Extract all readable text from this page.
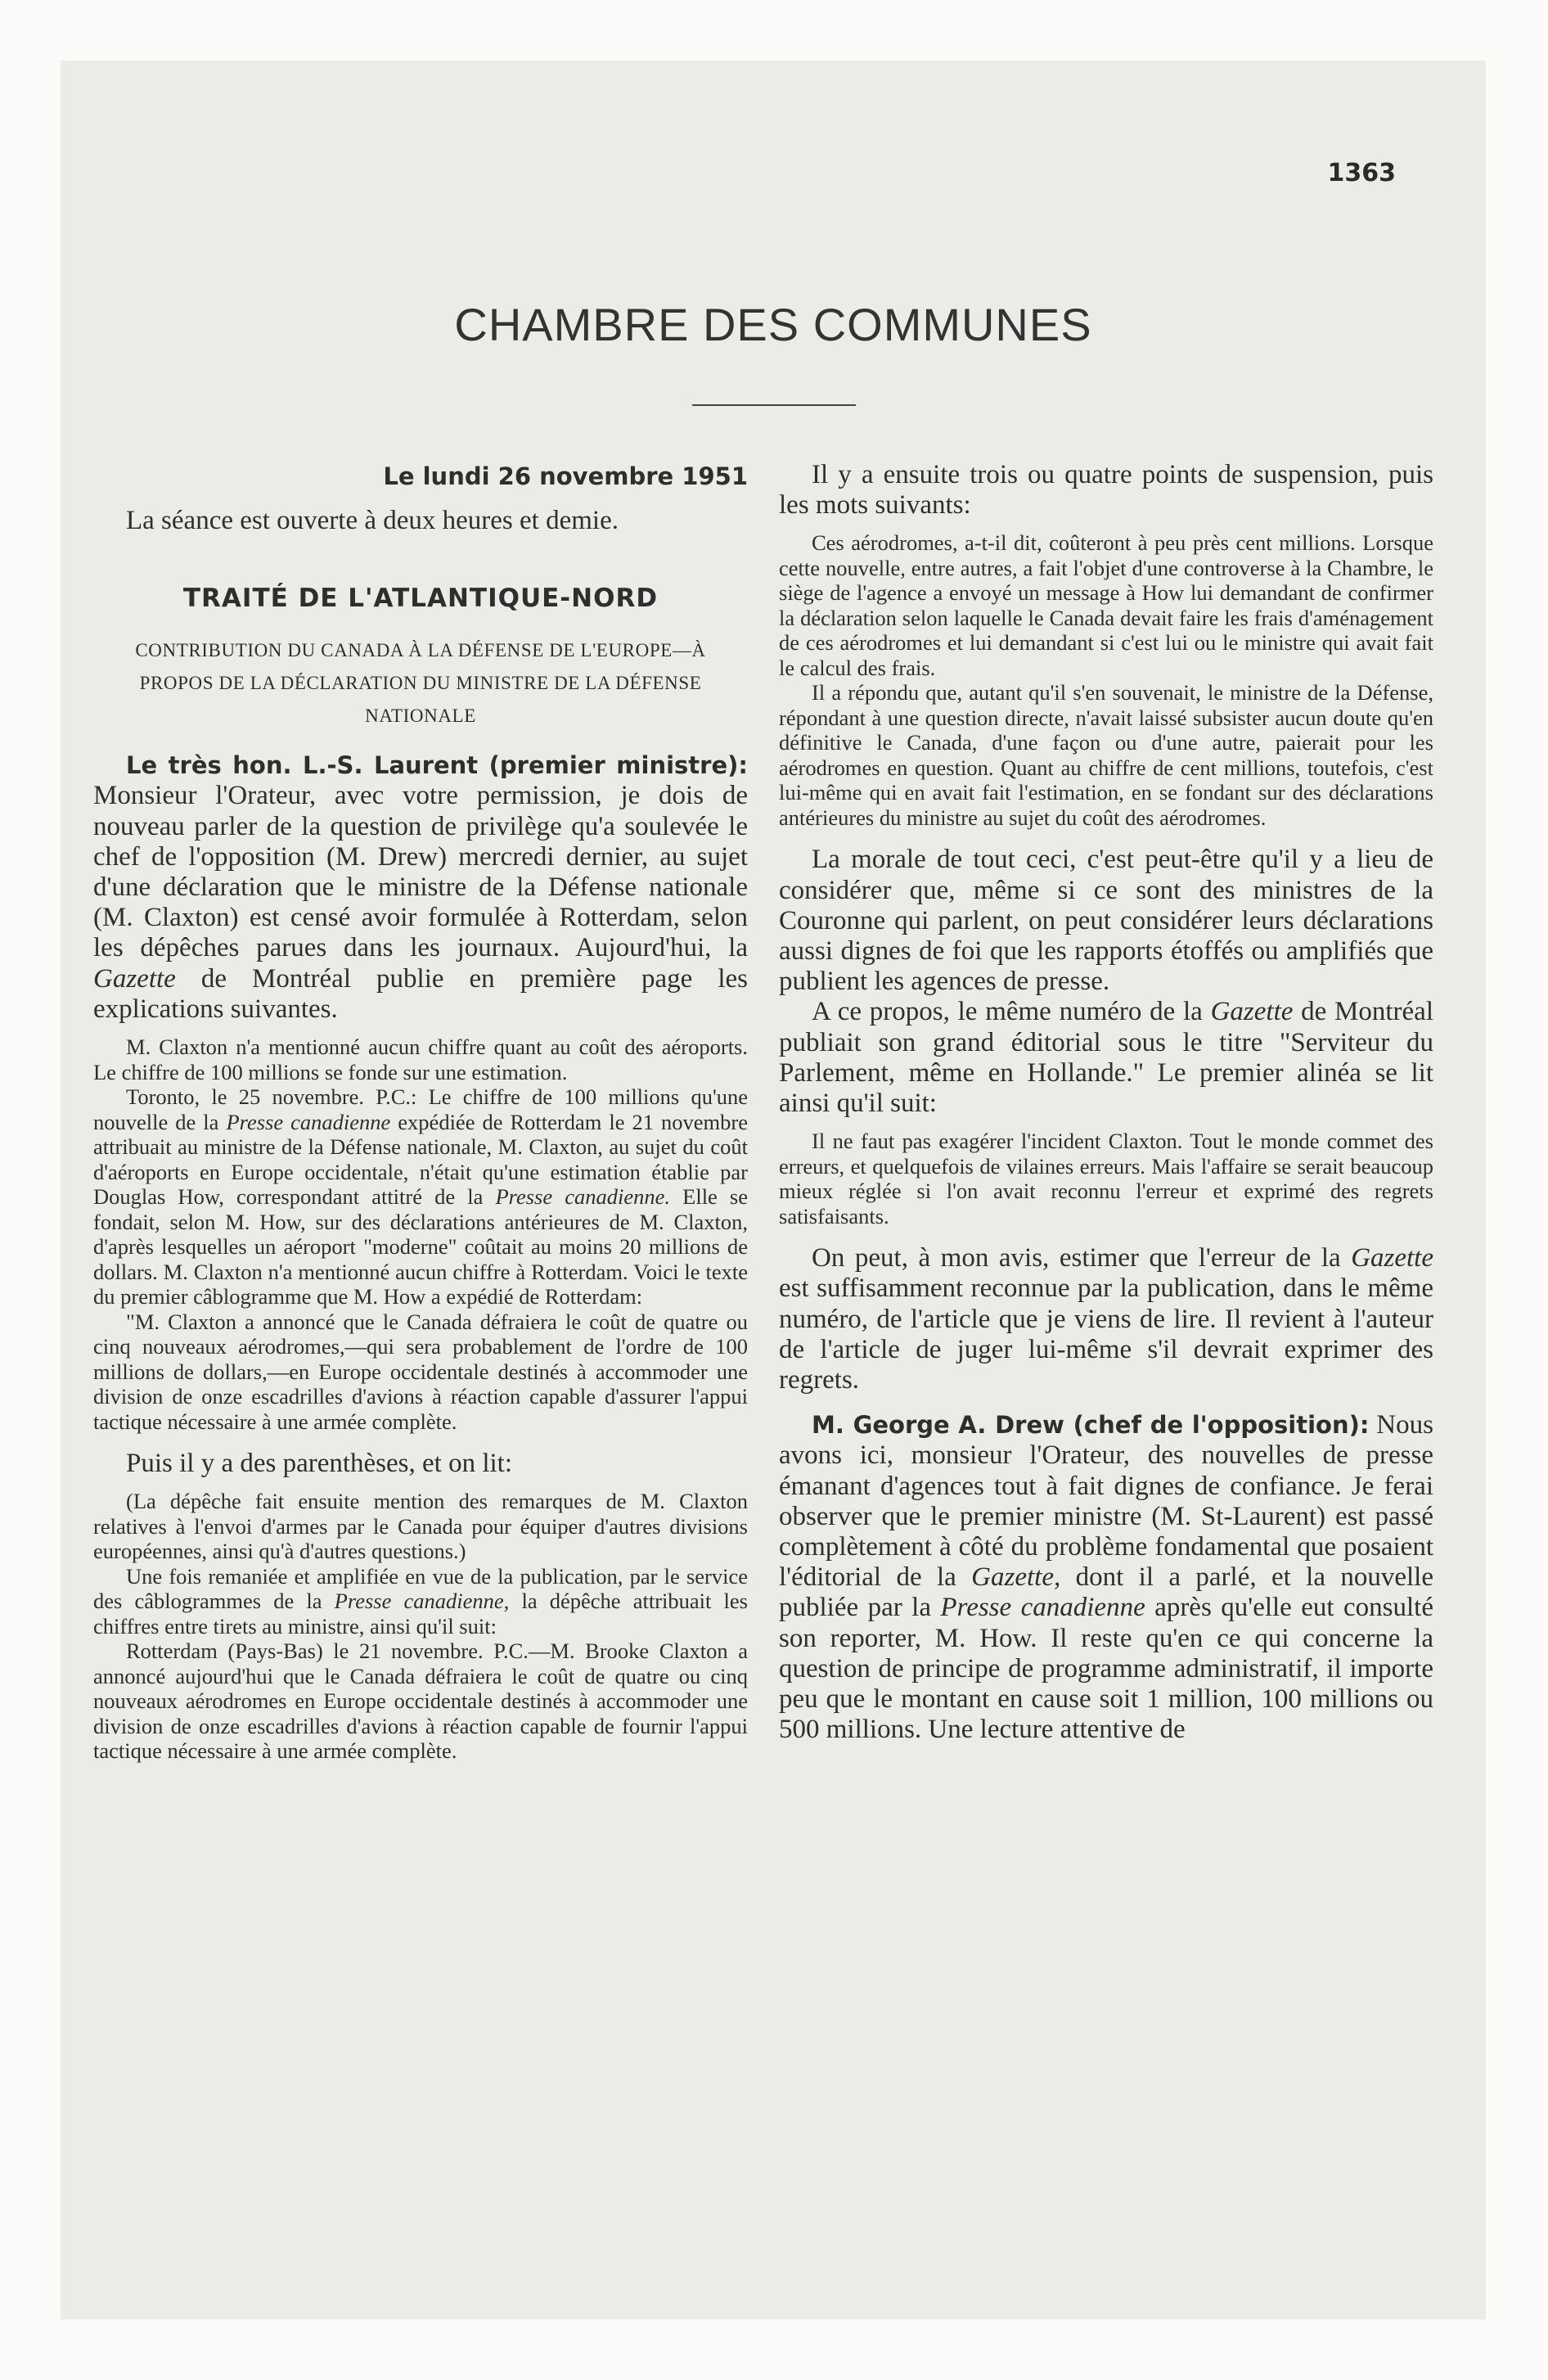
1363
CHAMBRE DES COMMUNES

Le lundi 26 novembre 1951

La séance est ouverte à deux heures et demie.

TRAITÉ DE L'ATLANTIQUE-NORD

CONTRIBUTION DU CANADA À LA DÉFENSE DE L'EUROPE—À PROPOS DE LA DÉCLARATION DU MINISTRE DE LA DÉFENSE NATIONALE

Le très hon. L.-S. Laurent (premier ministre): Monsieur l'Orateur, avec votre permission, je dois de nouveau parler de la question de privilège qu'a soulevée le chef de l'opposition (M. Drew) mercredi dernier, au sujet d'une déclaration que le ministre de la Défense nationale (M. Claxton) est censé avoir formulée à Rotterdam, selon les dépêches parues dans les journaux. Aujourd'hui, la Gazette de Montréal publie en première page les explications suivantes.

M. Claxton n'a mentionné aucun chiffre quant au coût des aéroports. Le chiffre de 100 millions se fonde sur une estimation.

Toronto, le 25 novembre. P.C.: Le chiffre de 100 millions qu'une nouvelle de la Presse canadienne expédiée de Rotterdam le 21 novembre attribuait au ministre de la Défense nationale, M. Claxton, au sujet du coût d'aéroports en Europe occidentale, n'était qu'une estimation établie par Douglas How, correspondant attitré de la Presse canadienne. Elle se fondait, selon M. How, sur des déclarations antérieures de M. Claxton, d'après lesquelles un aéroport "moderne" coûtait au moins 20 millions de dollars. M. Claxton n'a mentionné aucun chiffre à Rotterdam. Voici le texte du premier câblogramme que M. How a expédié de Rotterdam:

"M. Claxton a annoncé que le Canada défraiera le coût de quatre ou cinq nouveaux aérodromes,—qui sera probablement de l'ordre de 100 millions de dollars,—en Europe occidentale destinés à accommoder une division de onze escadrilles d'avions à réaction capable d'assurer l'appui tactique nécessaire à une armée complète.

Puis il y a des parenthèses, et on lit:

(La dépêche fait ensuite mention des remarques de M. Claxton relatives à l'envoi d'armes par le Canada pour équiper d'autres divisions européennes, ainsi qu'à d'autres questions.)

Une fois remaniée et amplifiée en vue de la publication, par le service des câblogrammes de la Presse canadienne, la dépêche attribuait les chiffres entre tirets au ministre, ainsi qu'il suit:

Rotterdam (Pays-Bas) le 21 novembre. P.C.—M. Brooke Claxton a annoncé aujourd'hui que le Canada défraiera le coût de quatre ou cinq nouveaux aérodromes en Europe occidentale destinés à accommoder une division de onze escadrilles d'avions à réaction capable de fournir l'appui tactique nécessaire à une armée complète.

Il y a ensuite trois ou quatre points de suspension, puis les mots suivants:

Ces aérodromes, a-t-il dit, coûteront à peu près cent millions. Lorsque cette nouvelle, entre autres, a fait l'objet d'une controverse à la Chambre, le siège de l'agence a envoyé un message à How lui demandant de confirmer la déclaration selon laquelle le Canada devait faire les frais d'aménagement de ces aérodromes et lui demandant si c'est lui ou le ministre qui avait fait le calcul des frais.

Il a répondu que, autant qu'il s'en souvenait, le ministre de la Défense, répondant à une question directe, n'avait laissé subsister aucun doute qu'en définitive le Canada, d'une façon ou d'une autre, paierait pour les aérodromes en question. Quant au chiffre de cent millions, toutefois, c'est lui-même qui en avait fait l'estimation, en se fondant sur des déclarations antérieures du ministre au sujet du coût des aérodromes.

La morale de tout ceci, c'est peut-être qu'il y a lieu de considérer que, même si ce sont des ministres de la Couronne qui parlent, on peut considérer leurs déclarations aussi dignes de foi que les rapports étoffés ou amplifiés que publient les agences de presse.

A ce propos, le même numéro de la Gazette de Montréal publiait son grand éditorial sous le titre "Serviteur du Parlement, même en Hollande." Le premier alinéa se lit ainsi qu'il suit:

Il ne faut pas exagérer l'incident Claxton. Tout le monde commet des erreurs, et quelquefois de vilaines erreurs. Mais l'affaire se serait beaucoup mieux réglée si l'on avait reconnu l'erreur et exprimé des regrets satisfaisants.

On peut, à mon avis, estimer que l'erreur de la Gazette est suffisamment reconnue par la publication, dans le même numéro, de l'article que je viens de lire. Il revient à l'auteur de l'article de juger lui-même s'il devrait exprimer des regrets.

M. George A. Drew (chef de l'opposition): Nous avons ici, monsieur l'Orateur, des nouvelles de presse émanant d'agences tout à fait dignes de confiance. Je ferai observer que le premier ministre (M. St-Laurent) est passé complètement à côté du problème fondamental que posaient l'éditorial de la Gazette, dont il a parlé, et la nouvelle publiée par la Presse canadienne après qu'elle eut consulté son reporter, M. How. Il reste qu'en ce qui concerne la question de principe de programme administratif, il importe peu que le montant en cause soit 1 million, 100 millions ou 500 millions. Une lecture attentive de
